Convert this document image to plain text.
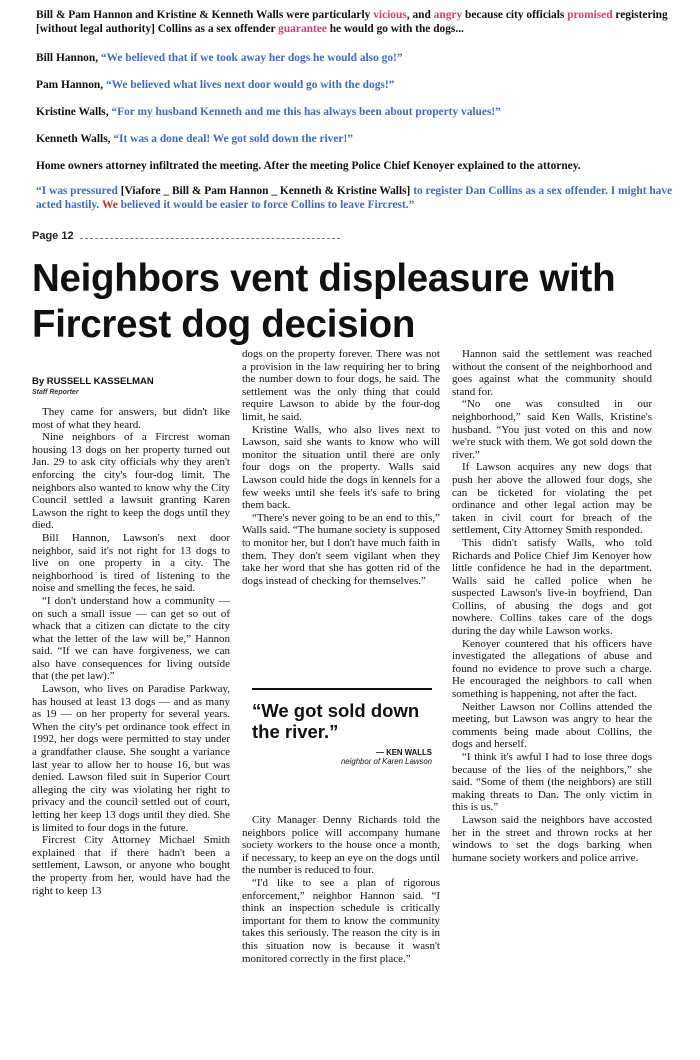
Bill & Pam Hannon and Kristine & Kenneth Walls were particularly vicious, and angry because city officials promised registering [without legal authority] Collins as a sex offender guarantee he would go with the dogs...
Bill Hannon, “We believed that if we took away her dogs he would also go!”
Pam Hannon, “We believed what lives next door would go with the dogs!”
Kristine Walls, “For my husband Kenneth and me this has always been about property values!”
Kenneth Walls, “It was a done deal! We got sold down the river!”
Home owners attorney infiltrated the meeting. After the meeting Police Chief Kenoyer explained to the attorney.
“I was pressured [Viafore _ Bill & Pam Hannon _ Kenneth & Kristine Walls] to register Dan Collins as a sex offender. I might have acted hastily. We believed it would be easier to force Collins to leave Fircrest.”
Page 12
Neighbors vent displeasure with Fircrest dog decision
By RUSSELL KASSELMAN
Staff Reporter

They came for answers, but didn't like most of what they heard.

Nine neighbors of a Fircrest woman housing 13 dogs on her property turned out Jan. 29 to ask city officials why they aren't enforcing the city's four-dog limit. The neighbors also wanted to know why the City Council settled a lawsuit granting Karen Lawson the right to keep the dogs until they died.

Bill Hannon, Lawson's next door neighbor, said it's not right for 13 dogs to live on one property in a city. The neighborhood is tired of listening to the noise and smelling the feces, he said.

“I don't understand how a community — on such a small issue — can get so out of whack that a citizen can dictate to the city what the letter of the law will be,” Hannon said. “If we can have forgiveness, we can also have consequences for living outside that (the pet law).”

Lawson, who lives on Paradise Parkway, has housed at least 13 dogs — and as many as 19 — on her property for several years. When the city's pet ordinance took effect in 1992, her dogs were permitted to stay under a grandfather clause. She sought a variance last year to allow her to house 16, but was denied. Lawson filed suit in Superior Court alleging the city was violating her right to privacy and the council settled out of court, letting her keep 13 dogs until they died. She is limited to four dogs in the future.

Fircrest City Attorney Michael Smith explained that if there hadn't been a settlement, Lawson, or anyone who bought the property from her, would have had the right to keep 13

dogs on the property forever. There was not a provision in the law requiring her to bring the number down to four dogs, he said. The settlement was the only thing that could require Lawson to abide by the four-dog limit, he said.

Kristine Walls, who also lives next to Lawson, said she wants to know who will monitor the situation until there are only four dogs on the property. Walls said Lawson could hide the dogs in kennels for a few weeks until she feels it's safe to bring them back.

“There's never going to be an end to this,” Walls said. “The humane society is supposed to monitor her, but I don't have much faith in them. They don't seem vigilant when they take her word that she has gotten rid of the dogs instead of checking for themselves.”

“We got sold down the river.”
— KEN WALLS
neighbor of Karen Lawson

City Manager Denny Richards told the neighbors police will accompany humane society workers to the house once a month, if necessary, to keep an eye on the dogs until the number is reduced to four.

“I'd like to see a plan of rigorous enforcement,” neighbor Hannon said. “I think an inspection schedule is critically important for them to know the community takes this seriously. The reason the city is in this situation now is because it wasn't monitored correctly in the first place.”

Hannon said the settlement was reached without the consent of the neighborhood and goes against what the community should stand for.

“No one was consulted in our neighborhood,” said Ken Walls, Kristine's husband. “You just voted on this and now we're stuck with them. We got sold down the river.”

If Lawson acquires any new dogs that push her above the allowed four dogs, she can be ticketed for violating the pet ordinance and other legal action may be taken in civil court for breach of the settlement, City Attorney Smith responded.

This didn't satisfy Walls, who told Richards and Police Chief Jim Kenoyer how little confidence he had in the department. Walls said he called police when he suspected Lawson's live-in boyfriend, Dan Collins, of abusing the dogs and got nowhere. Collins takes care of the dogs during the day while Lawson works.

Kenoyer countered that his officers have investigated the allegations of abuse and found no evidence to prove such a charge. He encouraged the neighbors to call when something is happening, not after the fact.

Neither Lawson nor Collins attended the meeting, but Lawson was angry to hear the comments being made about Collins, the dogs and herself.

“I think it's awful I had to lose three dogs because of the lies of the neighbors,” she said. “Some of them (the neighbors) are still making threats to Dan. The only victim in this is us.”

Lawson said the neighbors have accosted her in the street and thrown rocks at her windows to set the dogs barking when humane society workers and police arrive.
